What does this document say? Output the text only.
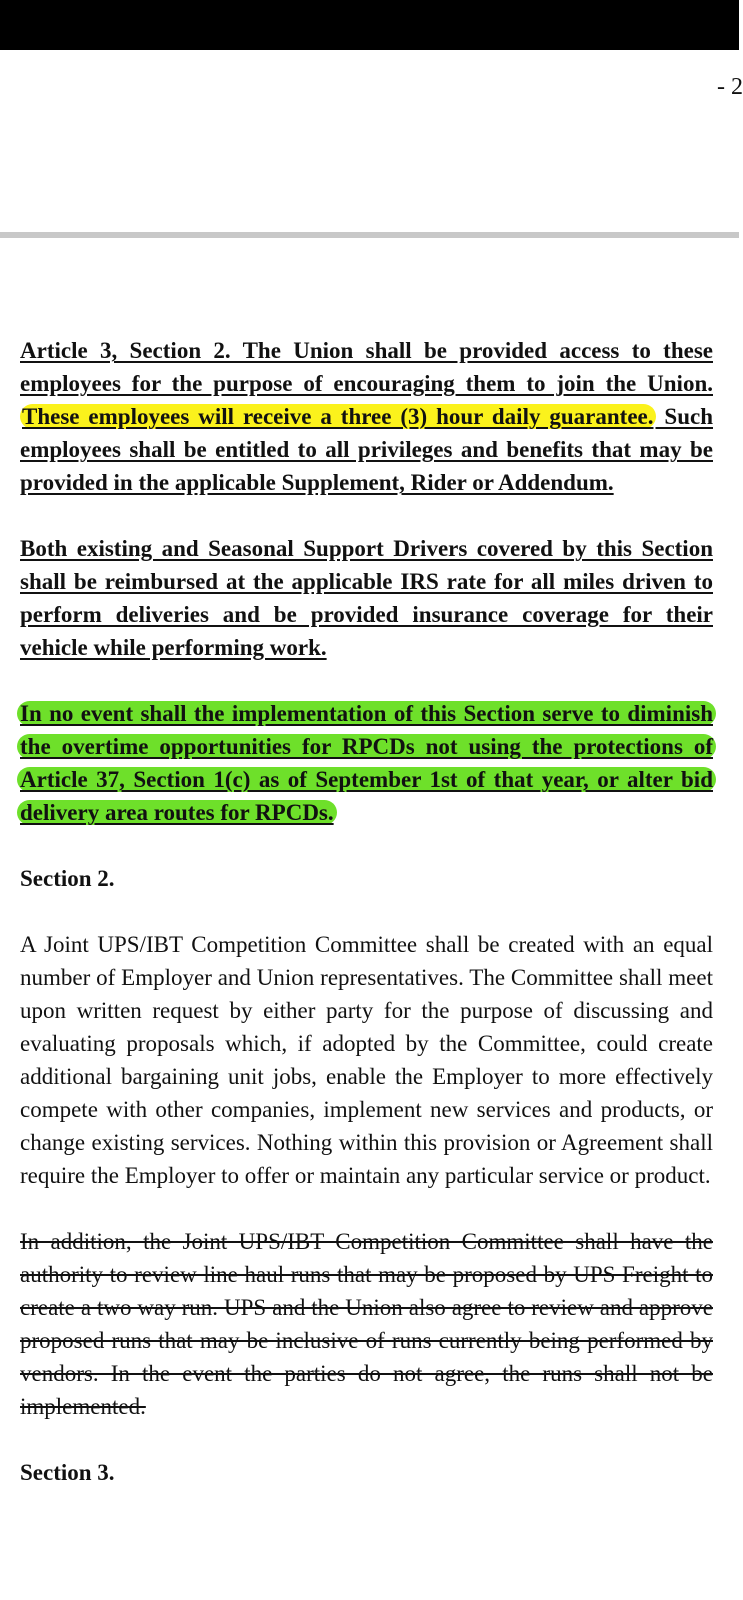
- 2

Article 3, Section 2. The Union shall be provided access to these employees for the purpose of encouraging them to join the Union. These employees will receive a three (3) hour daily guarantee. Such employees shall be entitled to all privileges and benefits that may be provided in the applicable Supplement, Rider or Addendum.

Both existing and Seasonal Support Drivers covered by this Section shall be reimbursed at the applicable IRS rate for all miles driven to perform deliveries and be provided insurance coverage for their vehicle while performing work.

In no event shall the implementation of this Section serve to diminish the overtime opportunities for RPCDs not using the protections of Article 37, Section 1(c) as of September 1st of that year, or alter bid delivery area routes for RPCDs.

Section 2.

A Joint UPS/IBT Competition Committee shall be created with an equal number of Employer and Union representatives. The Committee shall meet upon written request by either party for the purpose of discussing and evaluating proposals which, if adopted by the Committee, could create additional bargaining unit jobs, enable the Employer to more effectively compete with other companies, implement new services and products, or change existing services. Nothing within this provision or Agreement shall require the Employer to offer or maintain any particular service or product.

In addition, the Joint UPS/IBT Competition Committee shall have the authority to review line haul runs that may be proposed by UPS Freight to create a two way run. UPS and the Union also agree to review and approve proposed runs that may be inclusive of runs currently being performed by vendors. In the event the parties do not agree, the runs shall not be implemented.

Section 3.
